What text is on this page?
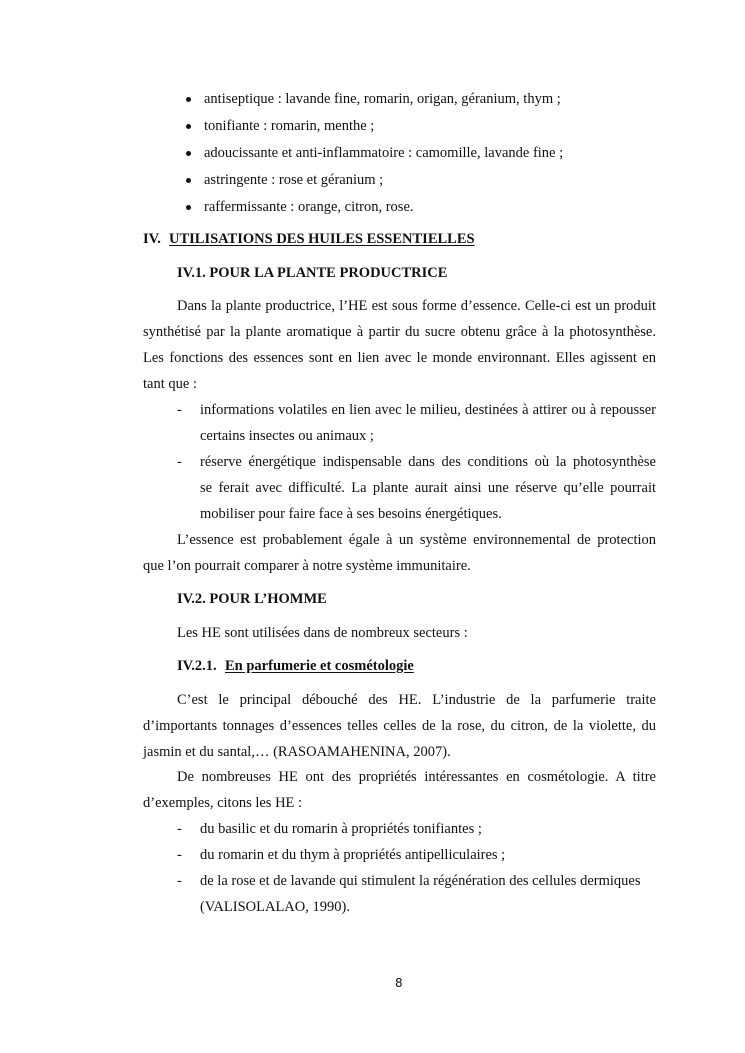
antiseptique : lavande fine, romarin, origan, géranium, thym ;
tonifiante : romarin, menthe ;
adoucissante et anti-inflammatoire : camomille, lavande fine ;
astringente : rose et géranium ;
raffermissante : orange, citron, rose.
IV. UTILISATIONS DES HUILES ESSENTIELLES
IV.1. POUR LA PLANTE PRODUCTRICE
Dans la plante productrice, l’HE est sous forme d’essence. Celle-ci est un produit
synthétisé par la plante aromatique à partir du sucre obtenu grâce à la photosynthèse.
Les fonctions des essences sont en lien avec le monde environnant. Elles agissent en
tant que :
- informations volatiles en lien avec le milieu, destinées à attirer ou à repousser
certains insectes ou animaux ;
- réserve énergétique indispensable dans des conditions où la photosynthèse
se ferait avec difficulté. La plante aurait ainsi une réserve qu’elle pourrait
mobiliser pour faire face à ses besoins énergétiques.
L’essence est probablement égale à un système environnemental de protection
que l’on pourrait comparer à notre système immunitaire.
IV.2. POUR L’HOMME
Les HE sont utilisées dans de nombreux secteurs :
IV.2.1. En parfumerie et cosmétologie
C’est le principal débouché des HE. L’industrie de la parfumerie traite
d’importants tonnages d’essences telles celles de la rose, du citron, de la violette, du
jasmin et du santal,… (RASOAMAHENINA, 2007).
De nombreuses HE ont des propriétés intéressantes en cosmétologie. A titre
d’exemples, citons les HE :
- du basilic et du romarin à propriétés tonifiantes ;
- du romarin et du thym à propriétés antipelliculaires ;
- de la rose et de lavande qui stimulent la régénération des cellules dermiques
(VALISOLALAO, 1990).
8
